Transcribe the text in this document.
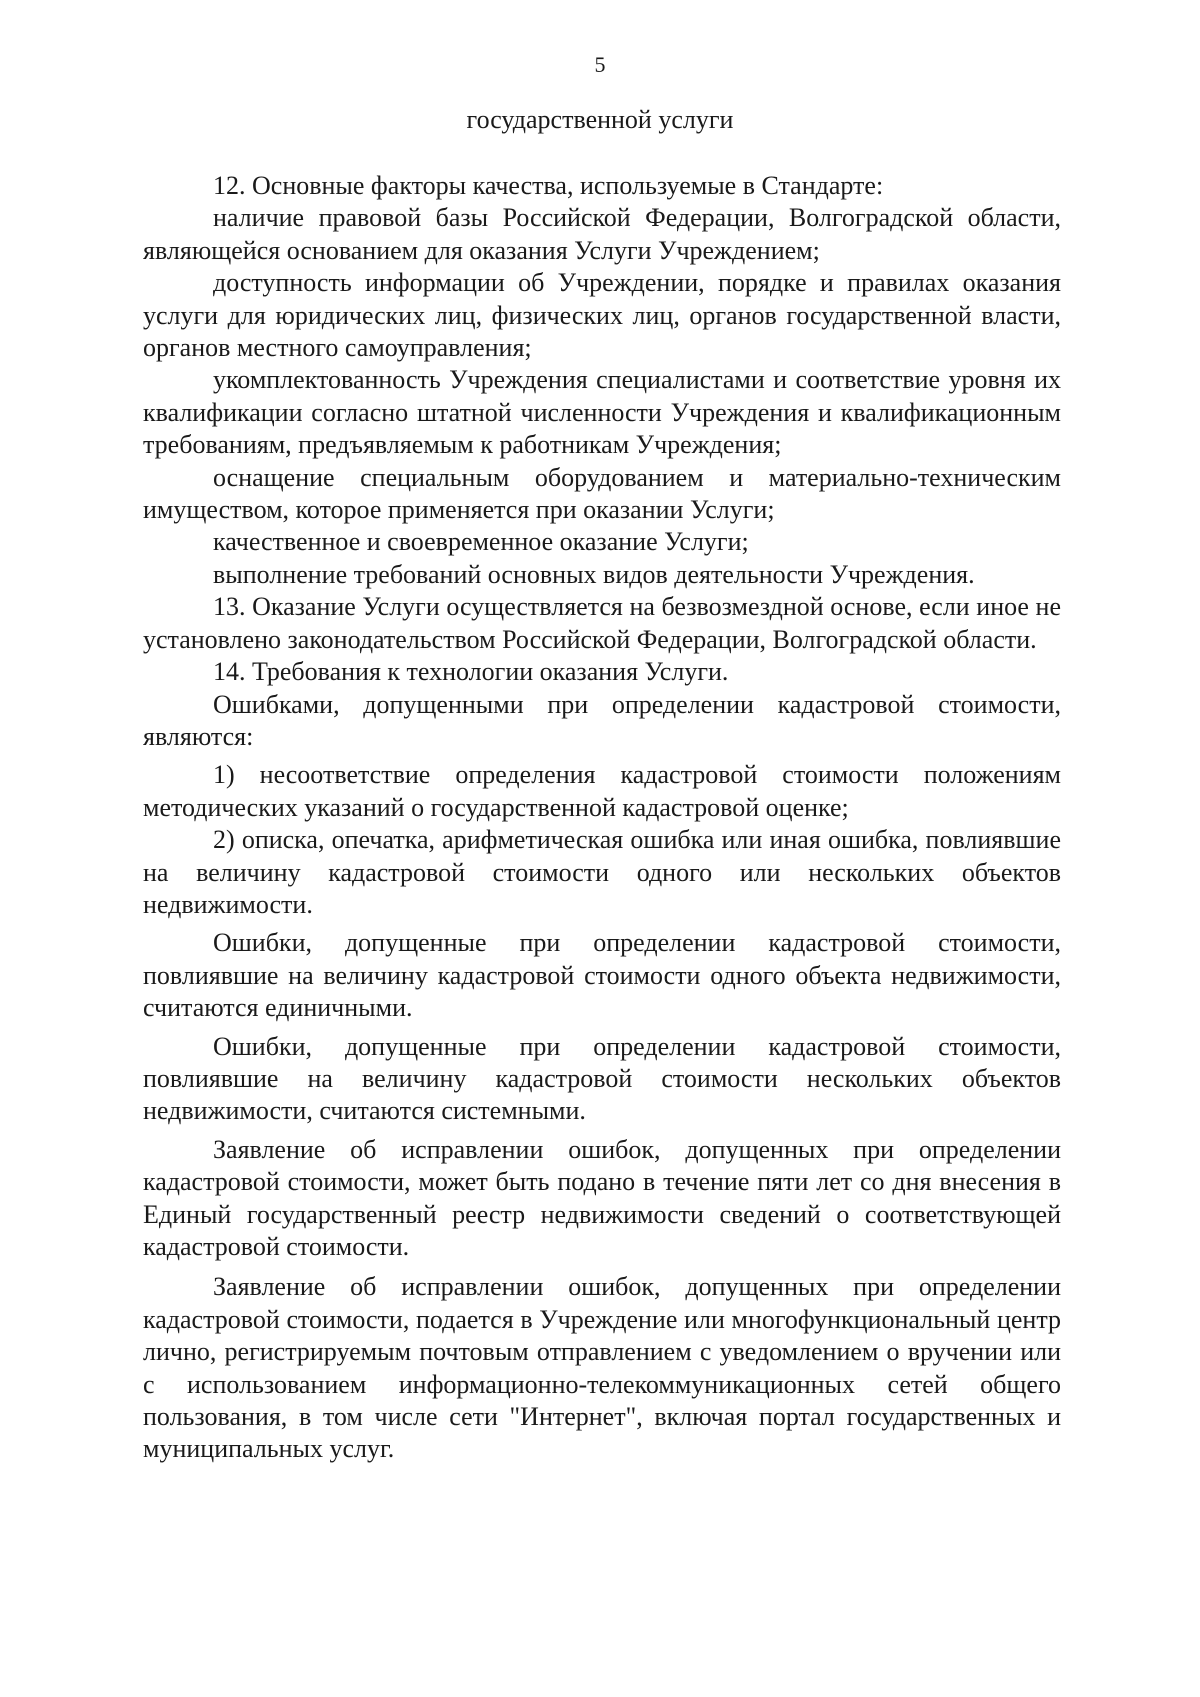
5
государственной услуги

12. Основные факторы качества, используемые в Стандарте:

наличие правовой базы Российской Федерации, Волгоградской области, являющейся основанием для оказания Услуги Учреждением;

доступность информации об Учреждении, порядке и правилах оказания услуги для юридических лиц, физических лиц, органов государственной власти, органов местного самоуправления;

укомплектованность Учреждения специалистами и соответствие уровня их квалификации согласно штатной численности Учреждения и квалификационным требованиям, предъявляемым к работникам Учреждения;

оснащение специальным оборудованием и материально-техническим имуществом, которое применяется при оказании Услуги;

качественное и своевременное оказание Услуги;

выполнение требований основных видов деятельности Учреждения.

13. Оказание Услуги осуществляется на безвозмездной основе, если иное не установлено законодательством Российской Федерации, Волгоградской области.

14. Требования к технологии оказания Услуги.

Ошибками, допущенными при определении кадастровой стоимости, являются:

1) несоответствие определения кадастровой стоимости положениям методических указаний о государственной кадастровой оценке;

2) описка, опечатка, арифметическая ошибка или иная ошибка, повлиявшие на величину кадастровой стоимости одного или нескольких объектов недвижимости.

Ошибки, допущенные при определении кадастровой стоимости, повлиявшие на величину кадастровой стоимости одного объекта недвижимости, считаются единичными.

Ошибки, допущенные при определении кадастровой стоимости, повлиявшие на величину кадастровой стоимости нескольких объектов недвижимости, считаются системными.

Заявление об исправлении ошибок, допущенных при определении кадастровой стоимости, может быть подано в течение пяти лет со дня внесения в Единый государственный реестр недвижимости сведений о соответствующей кадастровой стоимости.

Заявление об исправлении ошибок, допущенных при определении кадастровой стоимости, подается в Учреждение или многофункциональный центр лично, регистрируемым почтовым отправлением с уведомлением о вручении или с использованием информационно-телекоммуникационных сетей общего пользования, в том числе сети "Интернет", включая портал государственных и муниципальных услуг.
